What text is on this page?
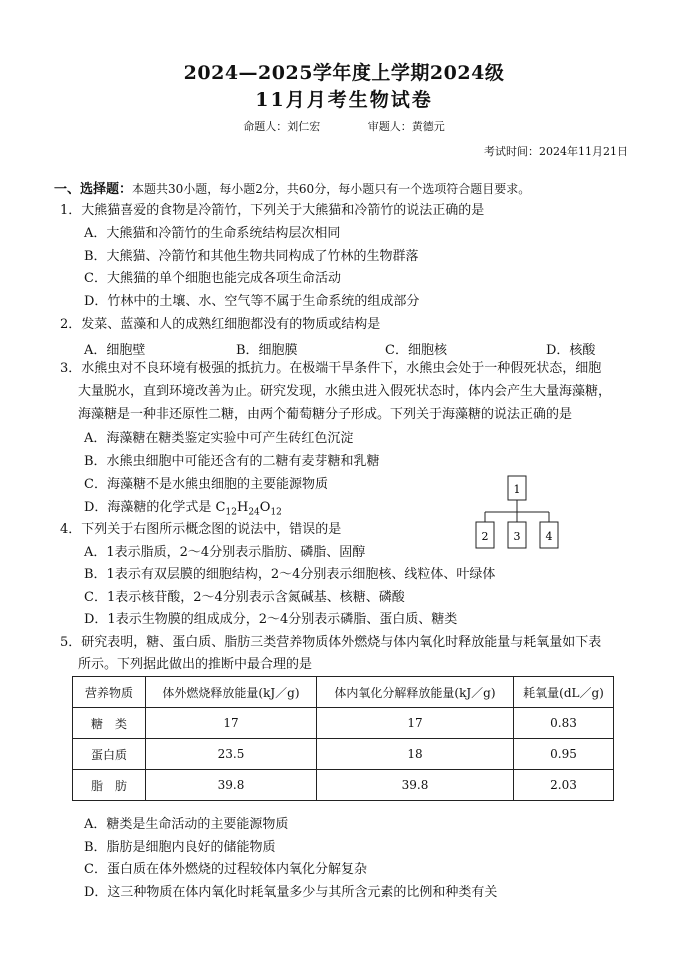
2024—2025学年度上学期2024级
11月月考生物试卷
命题人：刘仁宏	审题人：黄德元
考试时间：2024年11月21日
一、选择题：本题共30小题，每小题2分，共60分，每小题只有一个选项符合题目要求。
1．大熊猫喜爱的食物是冷箭竹，下列关于大熊猫和冷箭竹的说法正确的是
A．大熊猫和冷箭竹的生命系统结构层次相同
B．大熊猫、冷箭竹和其他生物共同构成了竹林的生物群落
C．大熊猫的单个细胞也能完成各项生命活动
D．竹林中的土壤、水、空气等不属于生命系统的组成部分
2．发菜、蓝藻和人的成熟红细胞都没有的物质或结构是
A．细胞壁	B．细胞膜	C．细胞核	D．核酸
3．水熊虫对不良环境有极强的抵抗力。在极端干旱条件下，水熊虫会处于一种假死状态，细胞
大量脱水，直到环境改善为止。研究发现，水熊虫进入假死状态时，体内会产生大量海藻糖，
海藻糖是一种非还原性二糖，由两个葡萄糖分子形成。下列关于海藻糖的说法正确的是
A．海藻糖在糖类鉴定实验中可产生砖红色沉淀
B．水熊虫细胞中可能还含有的二糖有麦芽糖和乳糖
C．海藻糖不是水熊虫细胞的主要能源物质
D．海藻糖的化学式是 $C_{12}H_{24}O_{12}$
1
2 3 4
4．下列关于右图所示概念图的说法中，错误的是
A．1表示脂质，2～4分别表示脂肪、磷脂、固醇
B．1表示有双层膜的细胞结构，2～4分别表示细胞核、线粒体、叶绿体
C．1表示核苷酸，2～4分别表示含氮碱基、核糖、磷酸
D．1表示生物膜的组成成分，2～4分别表示磷脂、蛋白质、糖类
5．研究表明，糖、蛋白质、脂肪三类营养物质体外燃烧与体内氧化时释放能量与耗氧量如下表
所示。下列据此做出的推断中最合理的是
营养物质	体外燃烧释放能量(kJ／g)	体内氧化分解释放能量(kJ／g)	耗氧量(dL／g)
糖　类	17	17	0.83
蛋白质	23.5	18	0.95
脂　肪	39.8	39.8	2.03
A．糖类是生命活动的主要能源物质
B．脂肪是细胞内良好的储能物质
C．蛋白质在体外燃烧的过程较体内氧化分解复杂
D．这三种物质在体内氧化时耗氧量多少与其所含元素的比例和种类有关
